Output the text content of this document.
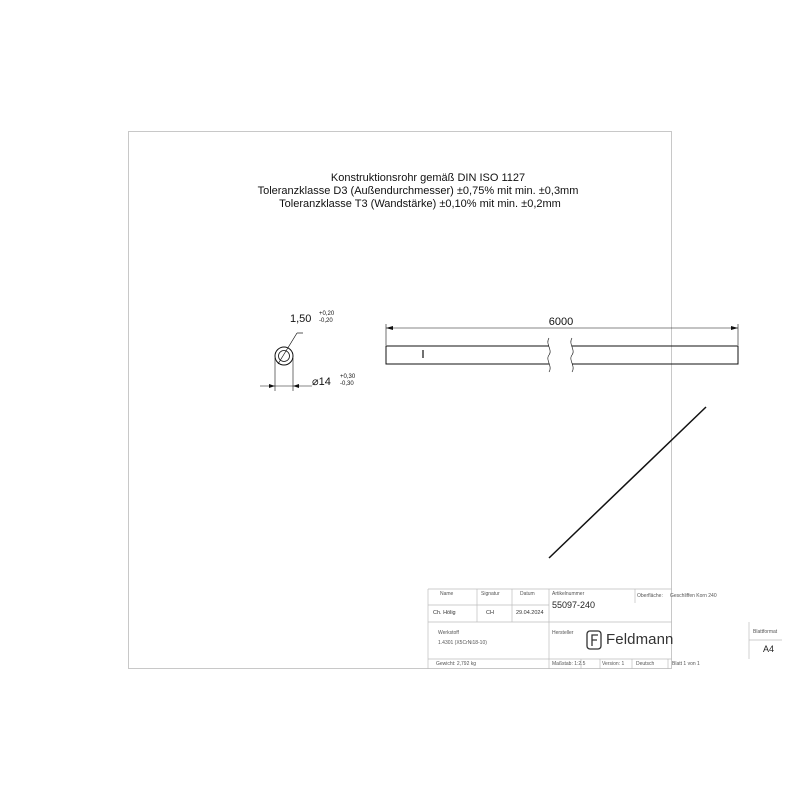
Konstruktionsrohr gemäß DIN ISO 1127
Toleranzklasse D3 (Außendurchmesser) ±0,75% mit min. ±0,3mm
Toleranzklasse T3 (Wandstärke) ±0,10% mit min. ±0,2mm
1,50 +0,20
-0,20
⌀14 +0,30
-0,30
6000
Name	Signatur	Datum
Ch. Hölig	CH	29.04.2024
Artikelnummer
55097-240
Oberfläche: Geschliffen Korn 240
Werkstoff
1.4301 (X5CrNi18-10)
Hersteller Feldmann	Blattformat
A4
Gewicht: 2,792 kg	Maßstab: 1:2.5	Version: 1 Deutsch	Blatt 1 von 1
